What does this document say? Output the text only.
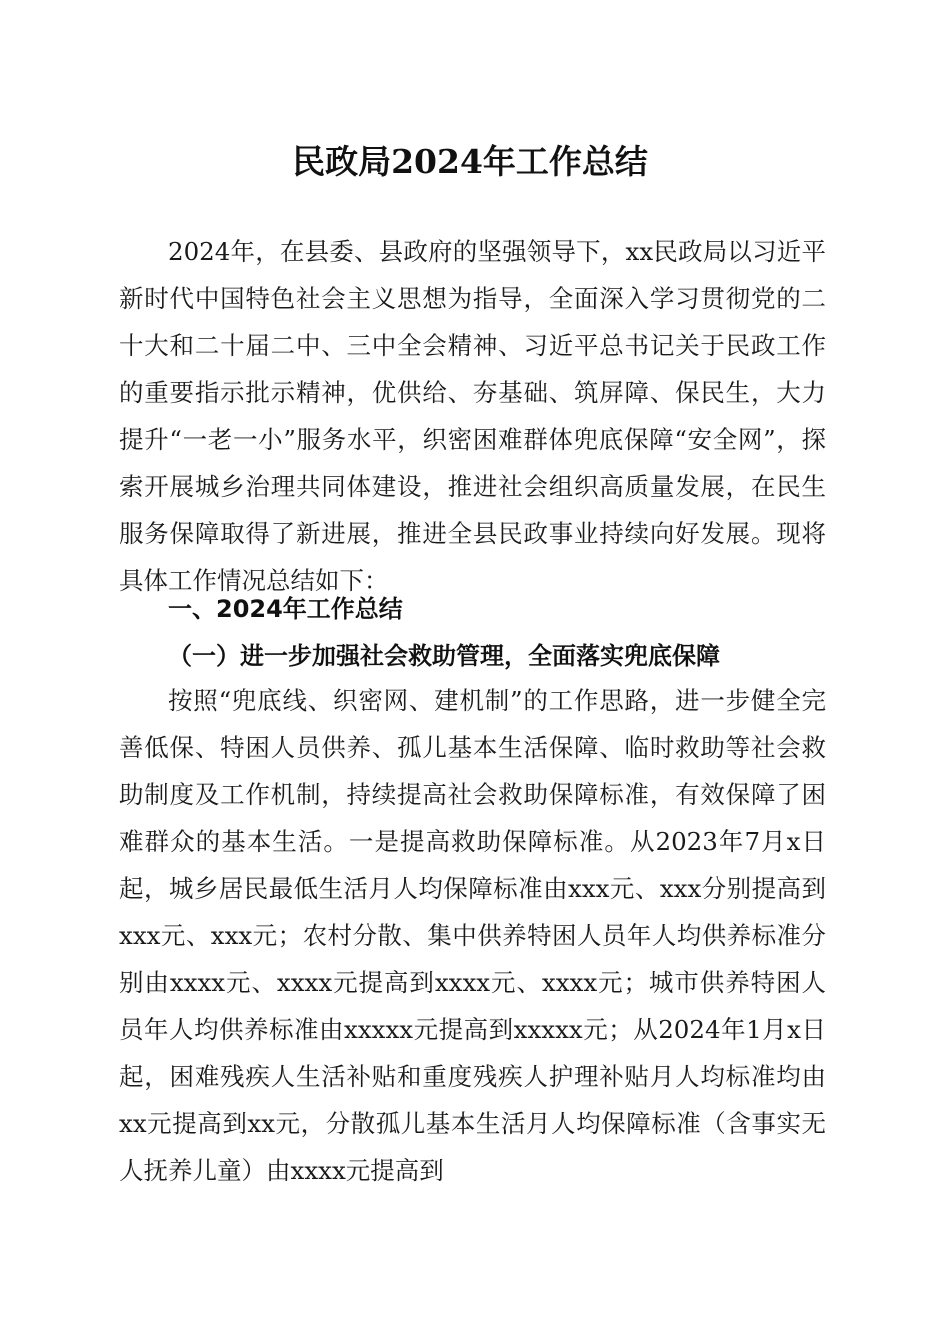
民政局2024年工作总结
2024年，在县委、县政府的坚强领导下，xx民政局以习近平新时代中国特色社会主义思想为指导，全面深入学习贯彻党的二十大和二十届二中、三中全会精神、习近平总书记关于民政工作的重要指示批示精神，优供给、夯基础、筑屏障、保民生，大力提升“一老一小”服务水平，织密困难群体兜底保障“安全网”，探索开展城乡治理共同体建设，推进社会组织高质量发展，在民生服务保障取得了新进展，推进全县民政事业持续向好发展。现将具体工作情况总结如下：
一、2024年工作总结
（一）进一步加强社会救助管理，全面落实兜底保障
按照“兜底线、织密网、建机制”的工作思路，进一步健全完善低保、特困人员供养、孤儿基本生活保障、临时救助等社会救助制度及工作机制，持续提高社会救助保障标准，有效保障了困难群众的基本生活。一是提高救助保障标准。从2023年7月x日起，城乡居民最低生活月人均保障标准由xxx元、xxx分别提高到xxx元、xxx元；农村分散、集中供养特困人员年人均供养标准分别由xxxx元、xxxx元提高到xxxx元、xxxx元；城市供养特困人员年人均供养标准由xxxxx元提高到xxxxx元；从2024年1月x日起，困难残疾人生活补贴和重度残疾人护理补贴月人均标准均由xx元提高到xx元，分散孤儿基本生活月人均保障标准（含事实无人抚养儿童）由xxxx元提高到
